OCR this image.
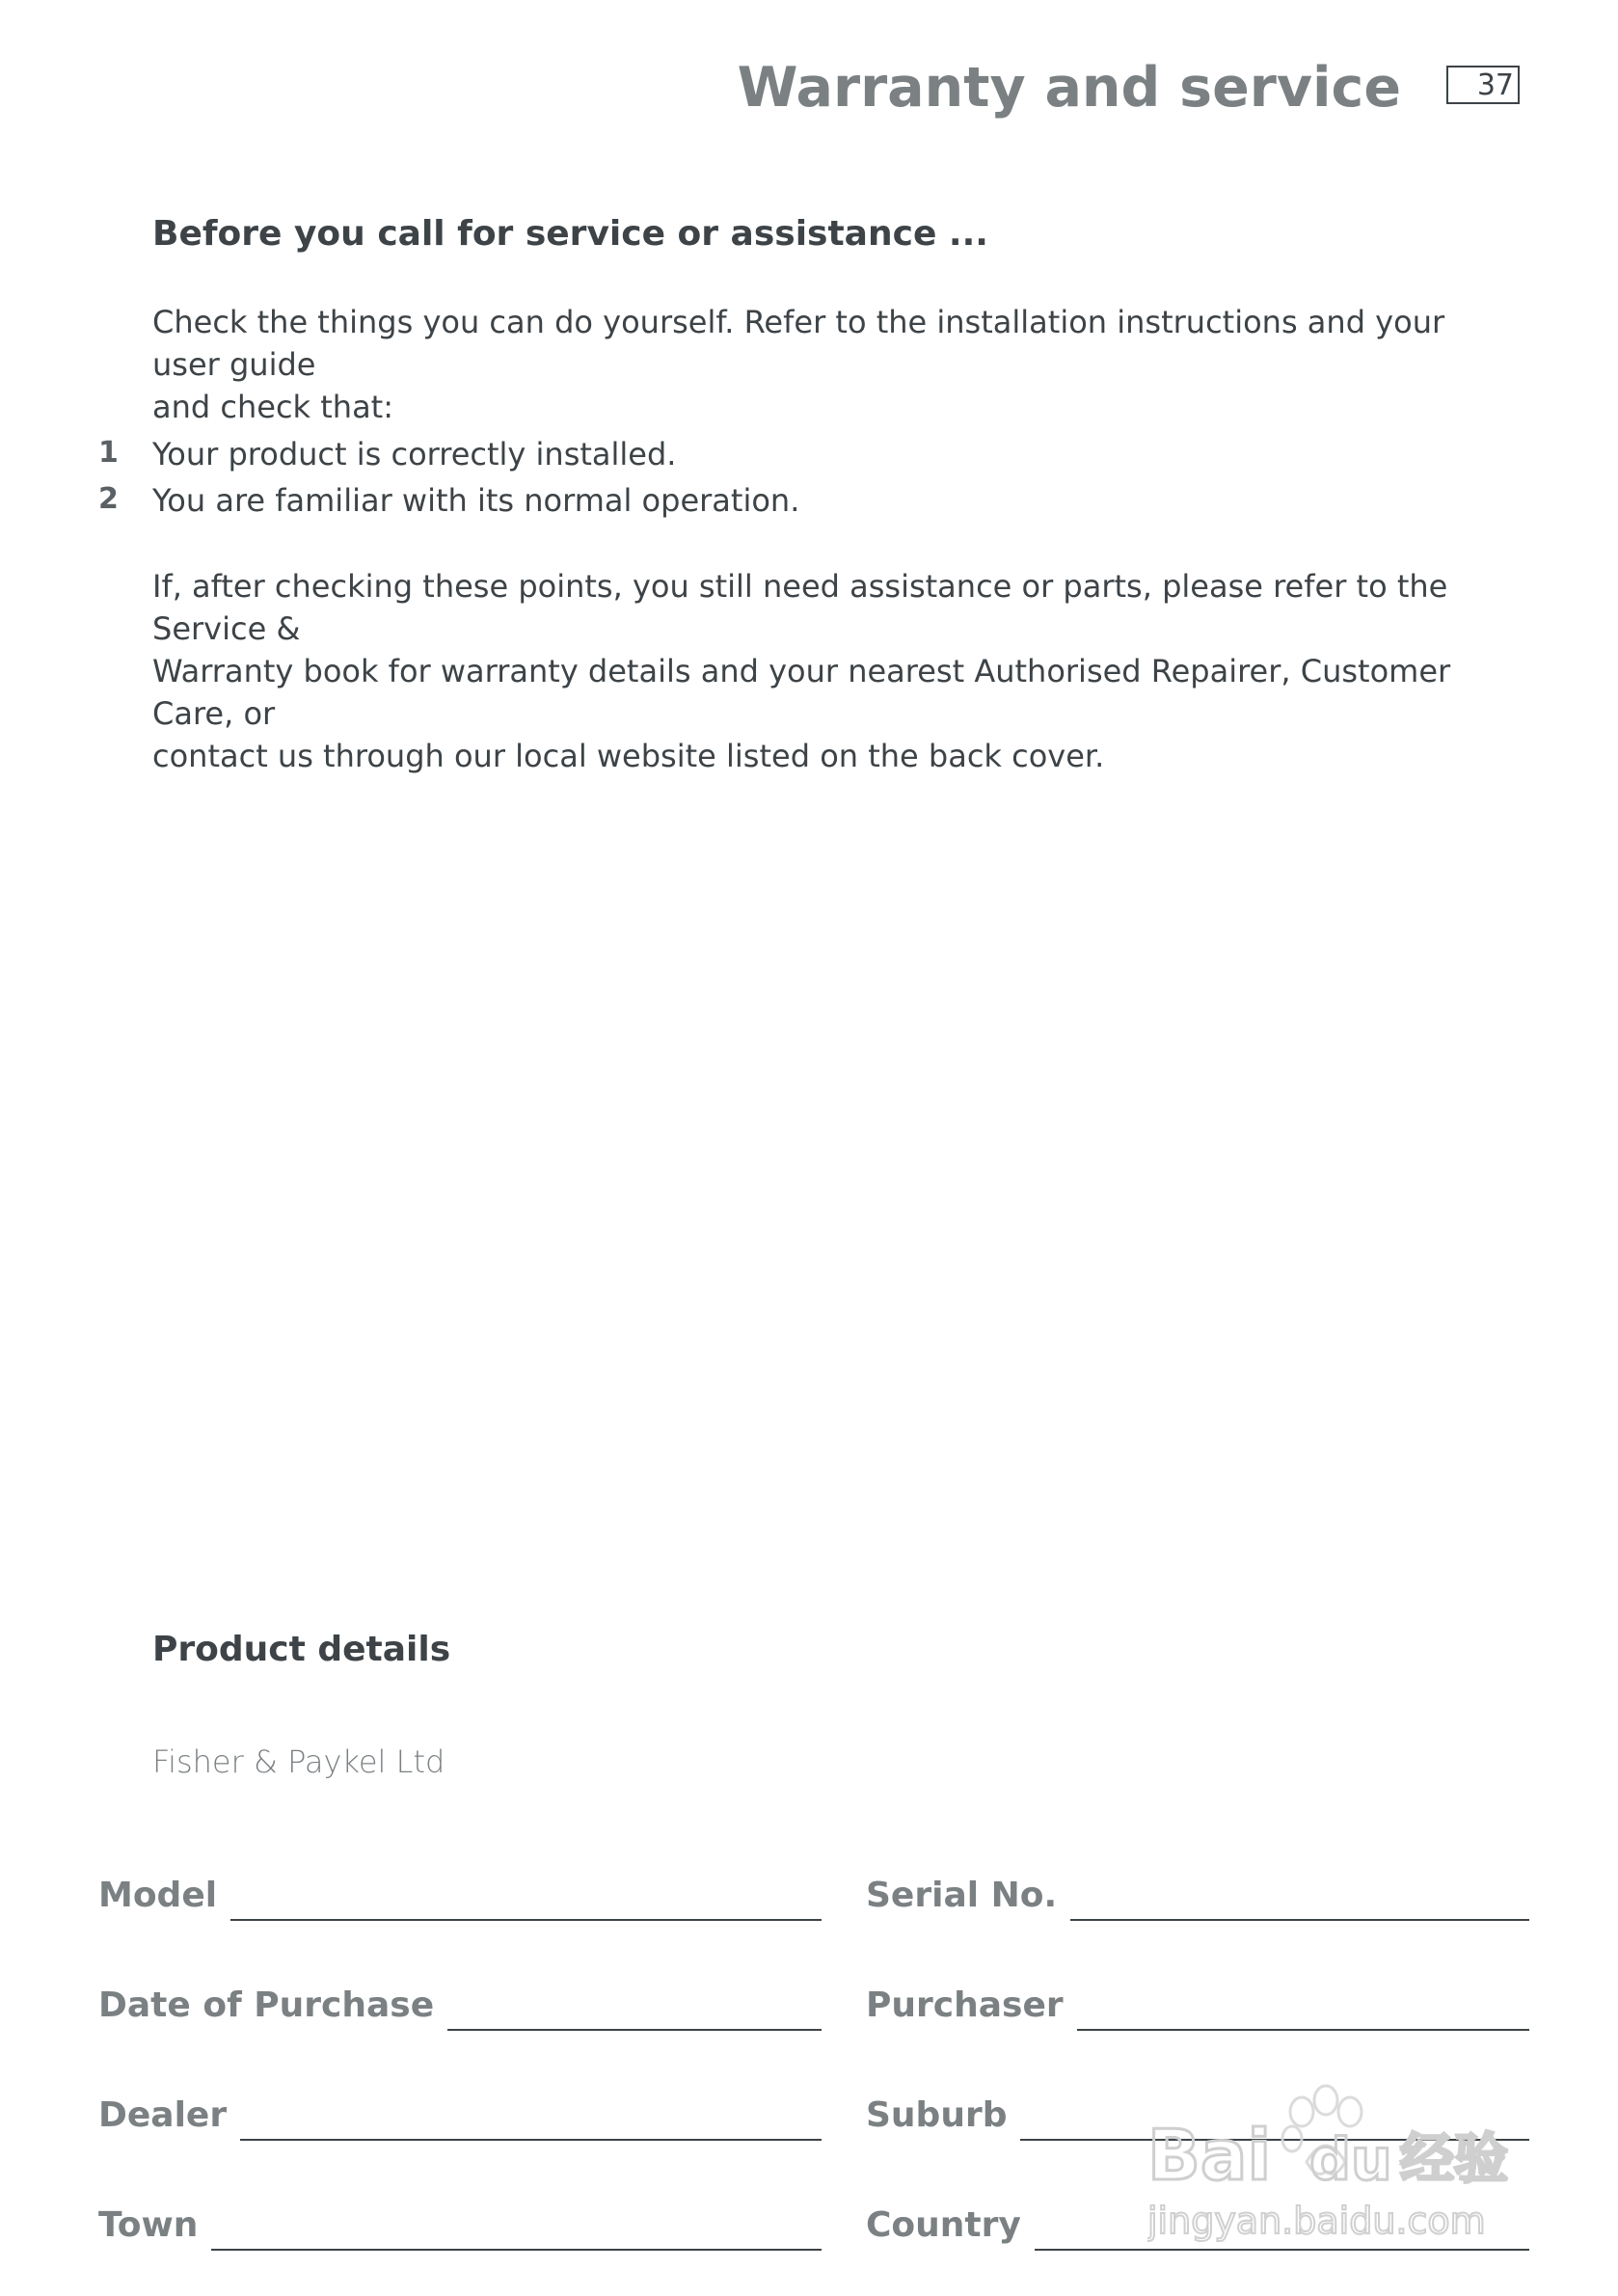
Warranty and service	37
Before you call for service or assistance ...
Check the things you can do yourself. Refer to the installation instructions and your user guide
and check that:
1 Your product is correctly installed.
2 You are familiar with its normal operation.
If, after checking these points, you still need assistance or parts, please refer to the Service &
Warranty book for warranty details and your nearest Authorised Repairer, Customer Care, or
contact us through our local website listed on the back cover.
Product details
Fisher & Paykel Ltd
Model	Serial No.
Date of Purchase	Purchaser
Dealer	Suburb
Town	Country
Bai du 经验
jingyan.baidu.com
